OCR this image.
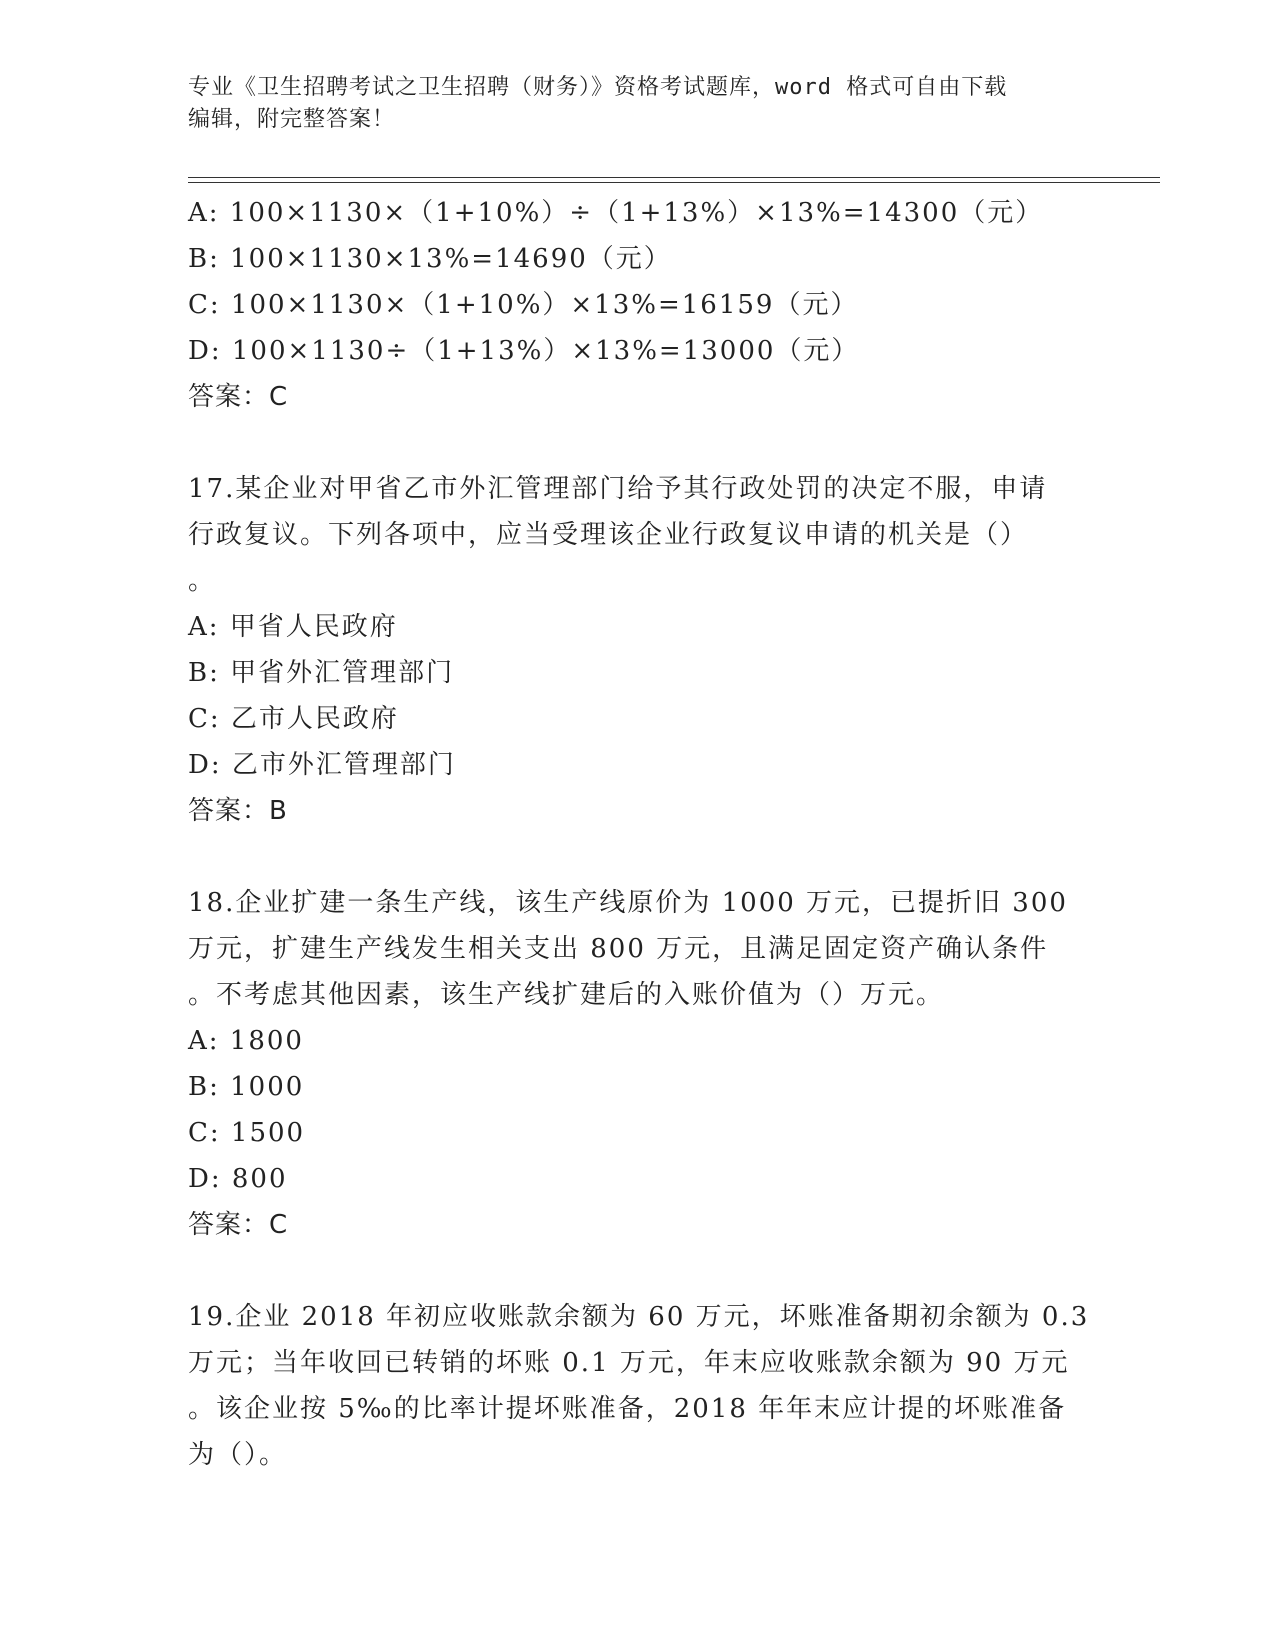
专业《卫生招聘考试之卫生招聘（财务）》资格考试题库，word 格式可自由下载
编辑，附完整答案！
A: 100×1130×（1+10%）÷（1+13%）×13%=14300（元）
B: 100×1130×13%=14690（元）
C: 100×1130×（1+10%）×13%=16159（元）
D: 100×1130÷（1+13%）×13%=13000（元）
答案：C
17.某企业对甲省乙市外汇管理部门给予其行政处罚的决定不服，申请
行政复议。下列各项中，应当受理该企业行政复议申请的机关是（）
。
A: 甲省人民政府
B: 甲省外汇管理部门
C: 乙市人民政府
D: 乙市外汇管理部门
答案：B
18.企业扩建一条生产线，该生产线原价为 1000 万元，已提折旧 300
万元，扩建生产线发生相关支出 800 万元，且满足固定资产确认条件
。不考虑其他因素，该生产线扩建后的入账价值为（）万元。
A: 1800
B: 1000
C: 1500
D: 800
答案：C
19.企业 2018 年初应收账款余额为 60 万元，坏账准备期初余额为 0.3
万元；当年收回已转销的坏账 0.1 万元，年末应收账款余额为 90 万元
。该企业按 5‰的比率计提坏账准备，2018 年年末应计提的坏账准备
为（）。
